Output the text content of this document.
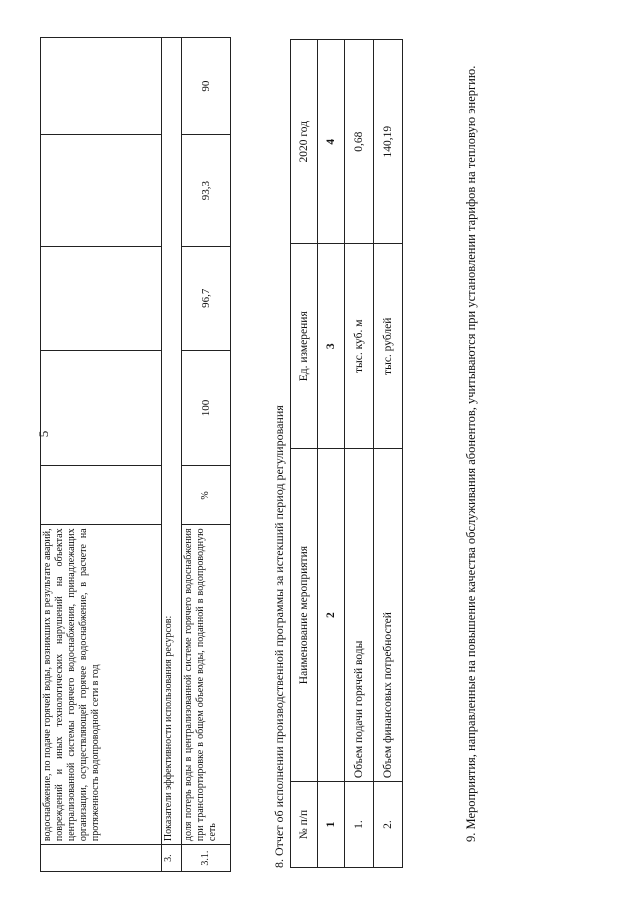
5
	водоснабжение, по подаче горячей воды, возникших в результате аварий, повреждений и иных технологических нарушений на объектах централизованной системы горячего водоснабжения, принадлежащих организации, осуществляющей горячее водоснабжение, в расчете на протяженность водопроводной сети в год					
3.	Показатели эффективности использования ресурсов:					
3.1.	доля потерь воды в централизованной системе горячего водоснабжения при транспортировке в общем объеме воды, поданной в водопроводную сеть	%	100	96,7	93,3	90
8. Отчет об исполнении производственной программы за истекший период регулирования № п/п	Наименование мероприятия	Ед. измерения	2020 год
1	2	3	4
1.	Объем подачи горячей воды	тыс. куб. м	0,68
2.	Объем финансовых потребностей	тыс. рублей	140,19	9. Мероприятия, направленные на повышение качества обслуживания абонентов, учитываются при установлении тарифов на тепловую энергию.
